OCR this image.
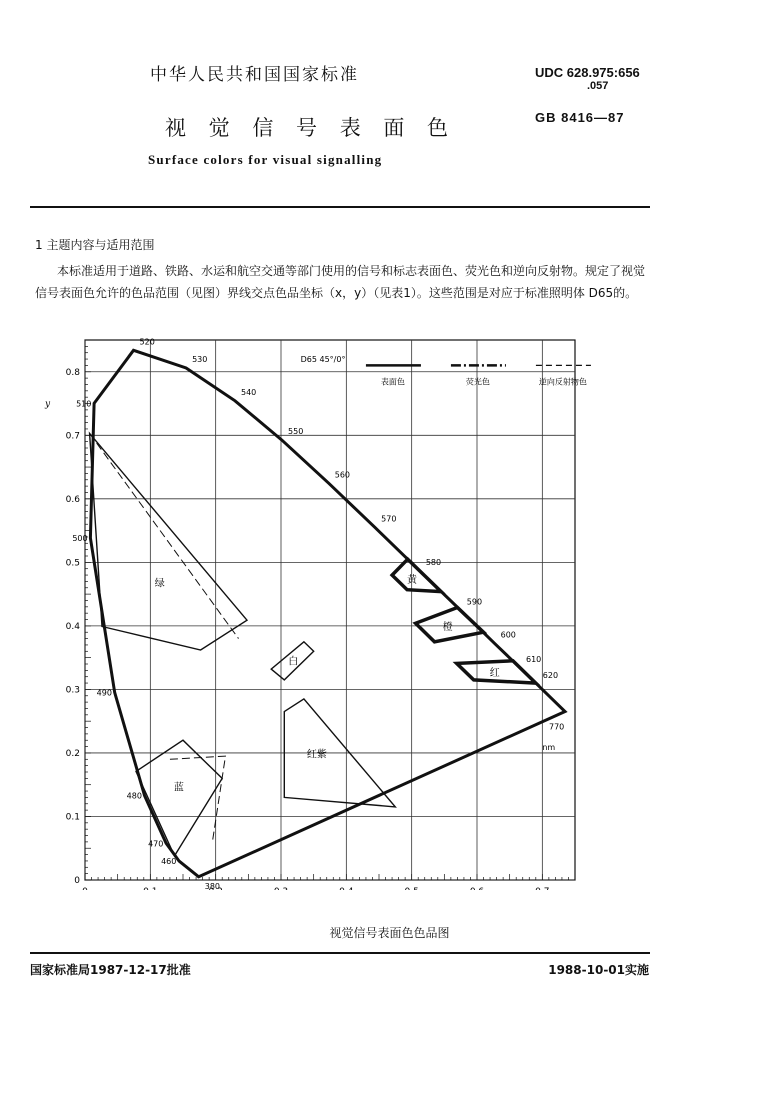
中华人民共和国国家标准	UDC 628.975:656
.057
GB 8416—87
视 觉 信 号 表 面 色
Surface colors for visual signalling
1 主题内容与适用范围
本标准适用于道路、铁路、水运和航空交通等部门使用的信号和标志表面色、荧光色和逆向反射物。规定了视觉信号表面色允许的色品范围（见图）界线交点色品坐标（x，y）（见表1）。这些范围是对应于标准照明体 D65的。
0
0.1
0.2
0.3
0.4
0.5
0.6
0.7
0.8
y
380
460
470
480
490
500
510
520
530
540
550
560
570
580
590
600
610
620
770
nm
绿	黄
橙
红
白
蓝
红紫
D65 45°/0°
表面色	荧光色	逆向反射物色
视觉信号表面色色品图
国家标准局1987-12-17批准	1988-10-01实施
